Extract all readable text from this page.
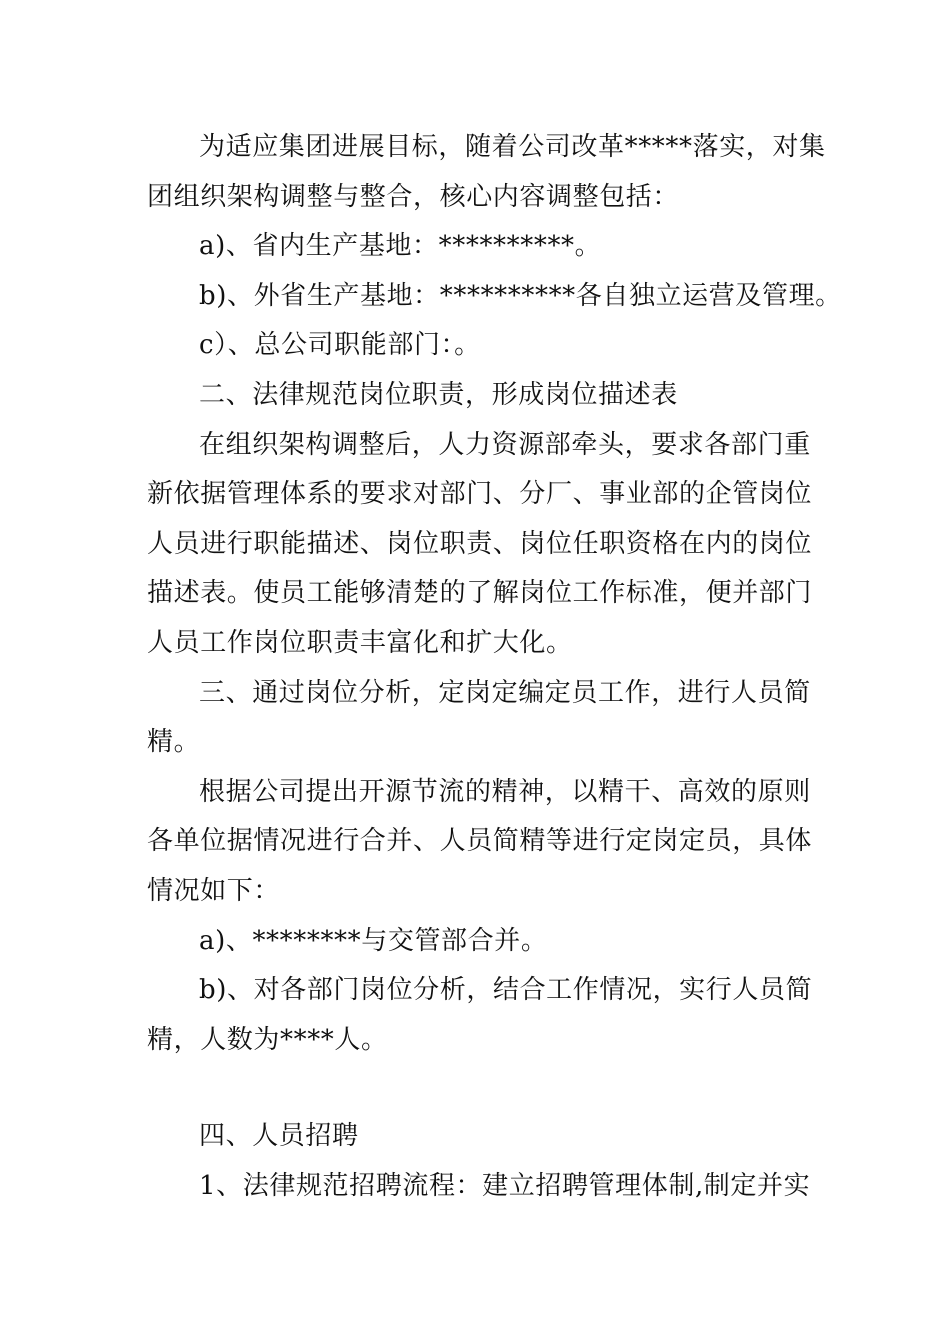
为适应集团进展目标，随着公司改革*****落实，对集
团组织架构调整与整合，核心内容调整包括：

a)、省内生产基地：**********。

b)、外省生产基地：**********各自独立运营及管理。

c）、总公司职能部门：。

二、法律规范岗位职责，形成岗位描述表

在组织架构调整后，人力资源部牵头，要求各部门重
新依据管理体系的要求对部门、分厂、事业部的企管岗位
人员进行职能描述、岗位职责、岗位任职资格在内的岗位
描述表。使员工能够清楚的了解岗位工作标准，便并部门
人员工作岗位职责丰富化和扩大化。

三、通过岗位分析，定岗定编定员工作，进行人员简
精。

根据公司提出开源节流的精神，以精干、高效的原则
各单位据情况进行合并、人员简精等进行定岗定员，具体
情况如下：

a)、********与交管部合并。

b)、对各部门岗位分析，结合工作情况，实行人员简
精，人数为****人。

四、人员招聘

1、法律规范招聘流程：建立招聘管理体制,制定并实
